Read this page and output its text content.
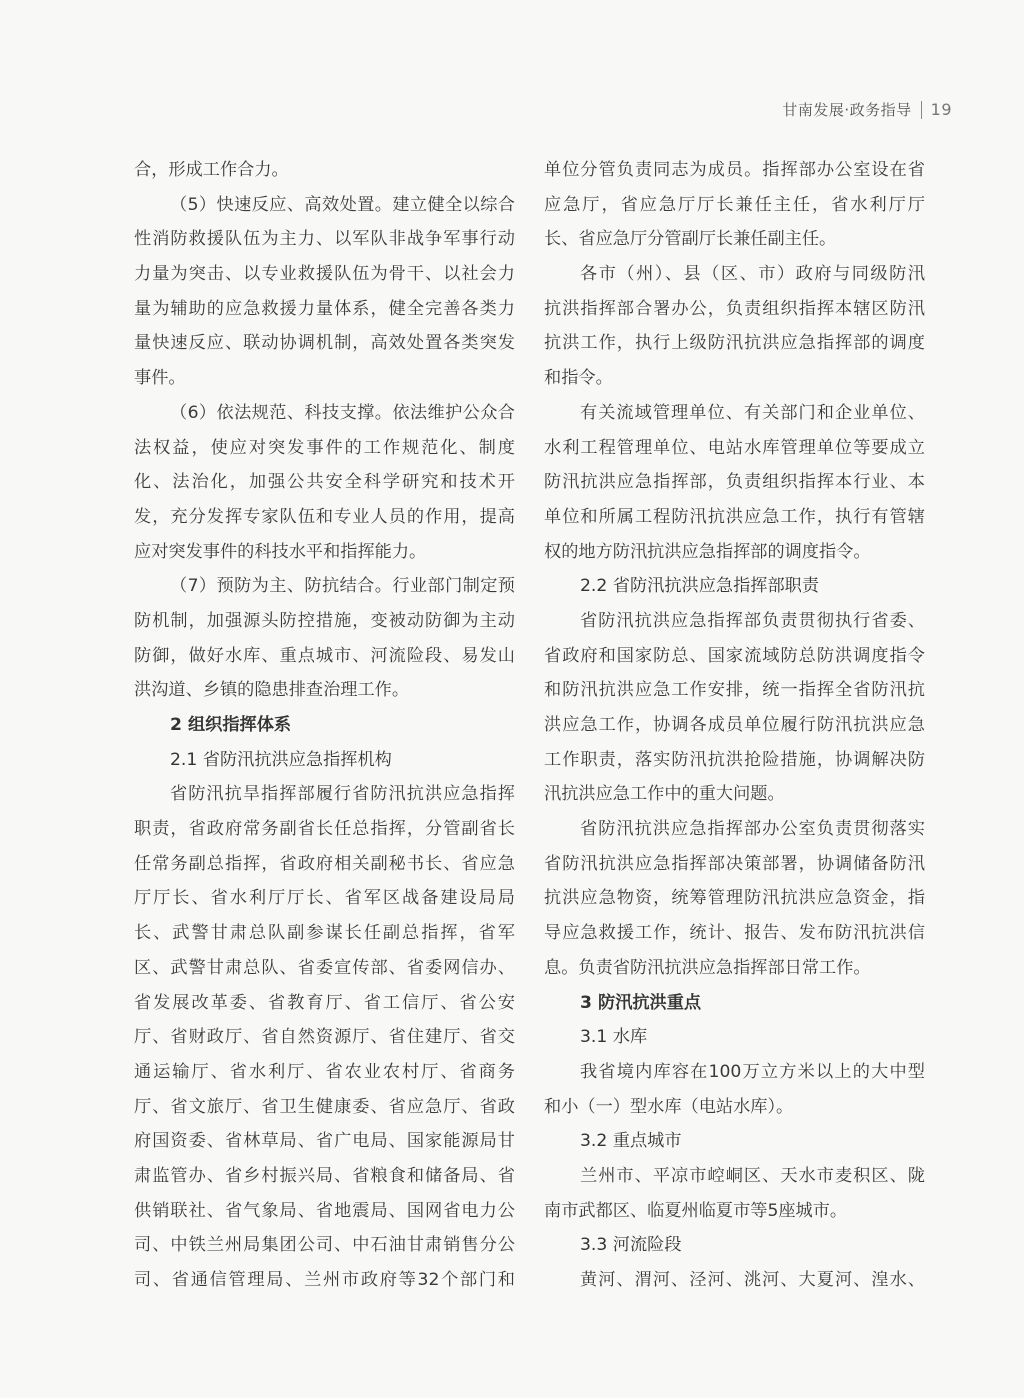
甘南发展·政务指导 19
合，形成工作合力。
（5）快速反应、高效处置。建立健全以综合
性消防救援队伍为主力、以军队非战争军事行动
力量为突击、以专业救援队伍为骨干、以社会力
量为辅助的应急救援力量体系，健全完善各类力
量快速反应、联动协调机制，高效处置各类突发
事件。
（6）依法规范、科技支撑。依法维护公众合
法权益，使应对突发事件的工作规范化、制度
化、法治化，加强公共安全科学研究和技术开
发，充分发挥专家队伍和专业人员的作用，提高
应对突发事件的科技水平和指挥能力。
（7）预防为主、防抗结合。行业部门制定预
防机制，加强源头防控措施，变被动防御为主动
防御，做好水库、重点城市、河流险段、易发山
洪沟道、乡镇的隐患排查治理工作。
2 组织指挥体系
2.1 省防汛抗洪应急指挥机构
省防汛抗旱指挥部履行省防汛抗洪应急指挥
职责，省政府常务副省长任总指挥，分管副省长
任常务副总指挥，省政府相关副秘书长、省应急
厅厅长、省水利厅厅长、省军区战备建设局局
长、武警甘肃总队副参谋长任副总指挥，省军
区、武警甘肃总队、省委宣传部、省委网信办、
省发展改革委、省教育厅、省工信厅、省公安
厅、省财政厅、省自然资源厅、省住建厅、省交
通运输厅、省水利厅、省农业农村厅、省商务
厅、省文旅厅、省卫生健康委、省应急厅、省政
府国资委、省林草局、省广电局、国家能源局甘
肃监管办、省乡村振兴局、省粮食和储备局、省
供销联社、省气象局、省地震局、国网省电力公
司、中铁兰州局集团公司、中石油甘肃销售分公
司、省通信管理局、兰州市政府等32个部门和
单位分管负责同志为成员。指挥部办公室设在省
应急厅，省应急厅厅长兼任主任，省水利厅厅
长、省应急厅分管副厅长兼任副主任。
各市（州）、县（区、市）政府与同级防汛
抗洪指挥部合署办公，负责组织指挥本辖区防汛
抗洪工作，执行上级防汛抗洪应急指挥部的调度
和指令。
有关流域管理单位、有关部门和企业单位、
水利工程管理单位、电站水库管理单位等要成立
防汛抗洪应急指挥部，负责组织指挥本行业、本
单位和所属工程防汛抗洪应急工作，执行有管辖
权的地方防汛抗洪应急指挥部的调度指令。
2.2 省防汛抗洪应急指挥部职责
省防汛抗洪应急指挥部负责贯彻执行省委、
省政府和国家防总、国家流域防总防洪调度指令
和防汛抗洪应急工作安排，统一指挥全省防汛抗
洪应急工作，协调各成员单位履行防汛抗洪应急
工作职责，落实防汛抗洪抢险措施，协调解决防
汛抗洪应急工作中的重大问题。
省防汛抗洪应急指挥部办公室负责贯彻落实
省防汛抗洪应急指挥部决策部署，协调储备防汛
抗洪应急物资，统筹管理防汛抗洪应急资金，指
导应急救援工作，统计、报告、发布防汛抗洪信
息。负责省防汛抗洪应急指挥部日常工作。
3 防汛抗洪重点
3.1 水库
我省境内库容在100万立方米以上的大中型
和小（一）型水库（电站水库）。
3.2 重点城市
兰州市、平凉市崆峒区、天水市麦积区、陇
南市武都区、临夏州临夏市等5座城市。
3.3 河流险段
黄河、渭河、泾河、洮河、大夏河、湟水、
